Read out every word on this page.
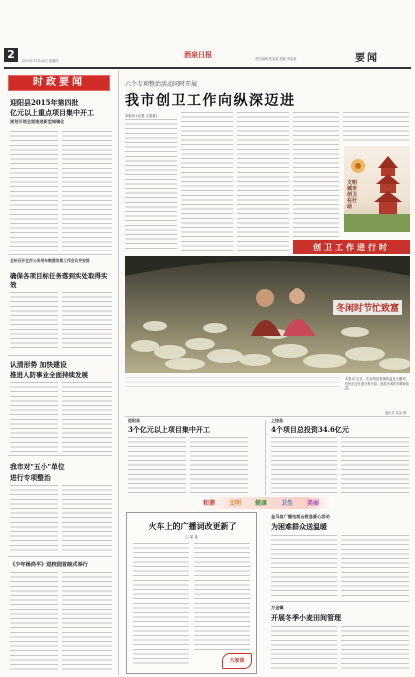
2	2015年11月26日 星期四
酒泉日报	责任编辑 张某某 美编 李某某	要闻
时政要闻
迎阳县2015年第四批
亿元以上重点项目集中开工
规划引领全面推进新型城镇化
全州召开全市公务用车制度改革工作会议并安排
确保各项目标任务落到实处取得实效
认清形势 加快建设
推进人防事业全面持续发展
我市对"五小"单位
进行专项整治
《少年杨尚平》进校园首映式举行
六个专项整治活动同时开展
我市创卫工作向纵深迈进
本报讯 (记者 王某某)
文明城市 创卫在行动
创卫工作进行时
冬闲时节忙致富
本报讯 近日，在金塔县某镇的温室大棚里，村民们正忙着分拣大蒜，抢抓冬闲时节增收致富。
通讯员 某某 摄
迎阳县
3个亿元以上项目集中开工
上饶县
4个项目总投资34.6亿元
和谐 文明 健康 卫生 美丽
火车上的广播词改更新了
□ 某 某
大家谈
金马县广播电视台救急爱心活动
为困难群众送温暖
万金镇
开展冬季小麦田间管理
